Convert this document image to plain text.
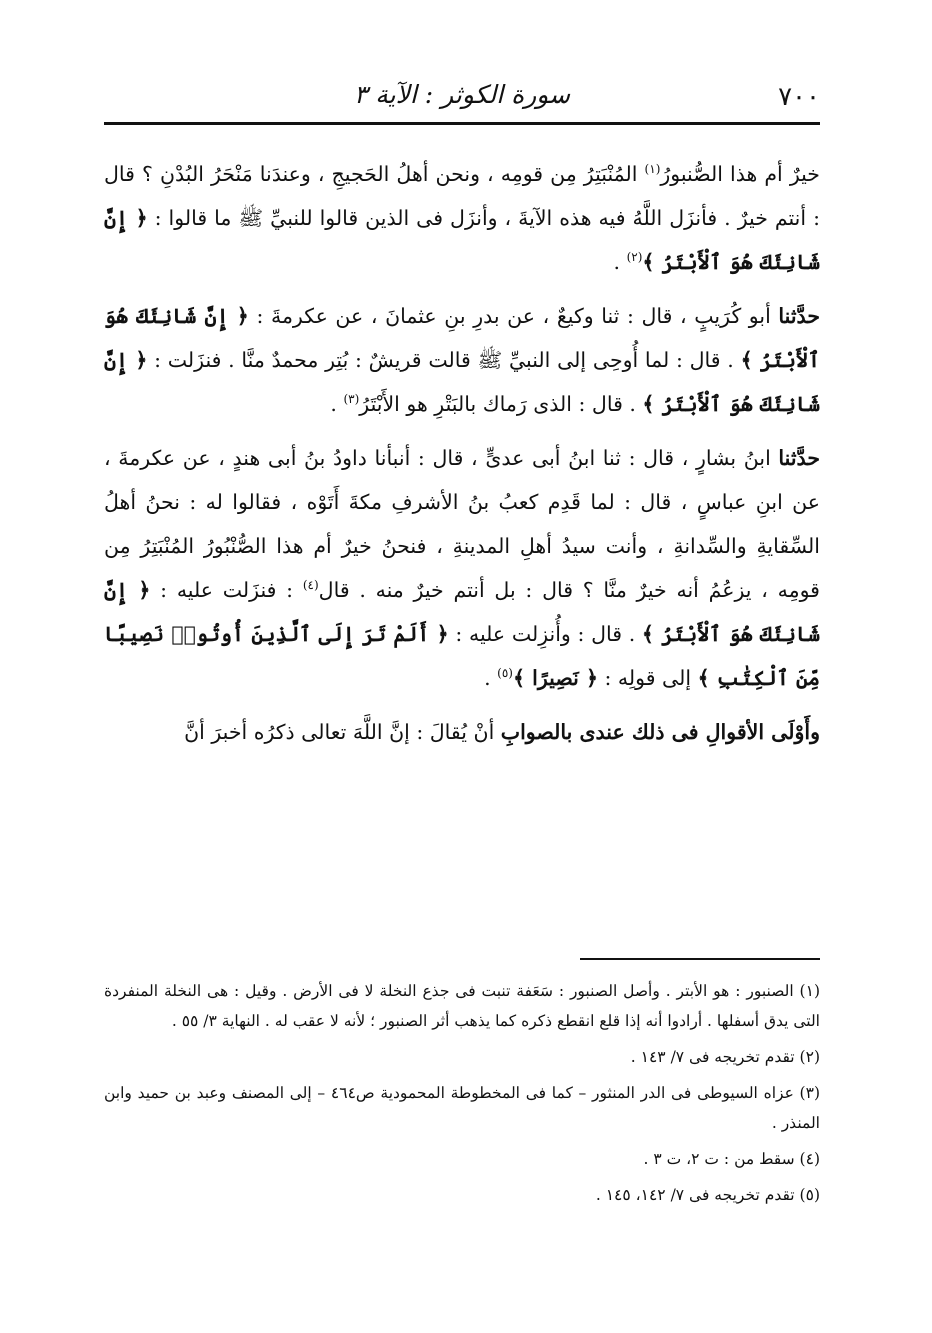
٧٠٠
سورة الكوثر : الآية ٣

خيرٌ أم هذا الصُّنبورُ$^{(١)}$ المُنْبَتِرُ مِن قومِه ، ونحن أهلُ الحَجيجِ ، وعندَنا مَنْحَرُ البُدْنِ ؟ قال : أنتم خيرٌ . فأنزَل اللَّهُ فيه هذه الآيةَ ، وأنزَل فى الذين قالوا للنبيِّ ﷺ ما قالوا : ﴿ إِنَّ شَانِئَكَ هُوَ ٱلْأَبْتَرُ ﴾$^{(٢)}$ .

حدَّثنا أبو كُرَيبٍ ، قال : ثنا وكيعٌ ، عن بدرِ بنِ عثمانَ ، عن عكرمةَ : ﴿ إِنَّ شَانِئَكَ هُوَ ٱلْأَبْتَرُ ﴾ . قال : لما أُوحِى إلى النبيِّ ﷺ قالت قريشٌ : بُتِر محمدٌ منَّا . فنزَلت : ﴿ إِنَّ شَانِئَكَ هُوَ ٱلْأَبْتَرُ ﴾ . قال : الذى رَماك بالبَتْرِ هو الأَبْتَرُ$^{(٣)}$ .

حدَّثنا ابنُ بشارٍ ، قال : ثنا ابنُ أبى عدىٍّ ، قال : أنبأنا داودُ بنُ أبى هندٍ ، عن عكرمةَ ، عن ابنِ عباسٍ ، قال : لما قَدِم كعبُ بنُ الأشرفِ مكةَ أَتَوْه ، فقالوا له : نحنُ أهلُ السِّقايةِ والسِّدانةِ ، وأنت سيدُ أهلِ المدينةِ ، فنحنُ خيرٌ أم هذا الصُّنْبُورُ المُنْبَتِرُ مِن قومِه ، يزعُمُ أنه خيرٌ منَّا ؟ قال : بل أنتم خيرٌ منه . قال$^{(٤)}$ : فنزَلت عليه : ﴿ إِنَّ شَانِئَكَ هُوَ ٱلْأَبْتَرُ ﴾ . قال : وأُنزِلت عليه : ﴿ أَلَمْ تَرَ إِلَى ٱلَّذِينَ أُوتُوا۟ نَصِيبًا مِّنَ ٱلْكِتَٰبِ ﴾ إلى قولِه : ﴿ نَصِيرًا ﴾$^{(٥)}$ .

وأَوْلَى الأقوالِ فى ذلك عندى بالصوابِ أنْ يُقالَ : إنَّ اللَّهَ تعالى ذكرُه أخبرَ أنَّ

(١) الصنبور : هو الأبتر . وأصل الصنبور : سَعَفة تنبت فى جذع النخلة لا فى الأرض . وقيل : هى النخلة المنفردة التى يدق أسفلها . أرادوا أنه إذا قلع انقطع ذكره كما يذهب أثر الصنبور ؛ لأنه لا عقب له . النهاية ٣/ ٥٥ .

(٢) تقدم تخريجه فى ٧/ ١٤٣ .

(٣) عزاه السيوطى فى الدر المنثور – كما فى المخطوطة المحمودية ص٤٦٤ – إلى المصنف وعبد بن حميد وابن المنذر .

(٤) سقط من : ت ٢، ت ٣ .

(٥) تقدم تخريجه فى ٧/ ١٤٢، ١٤٥ .
